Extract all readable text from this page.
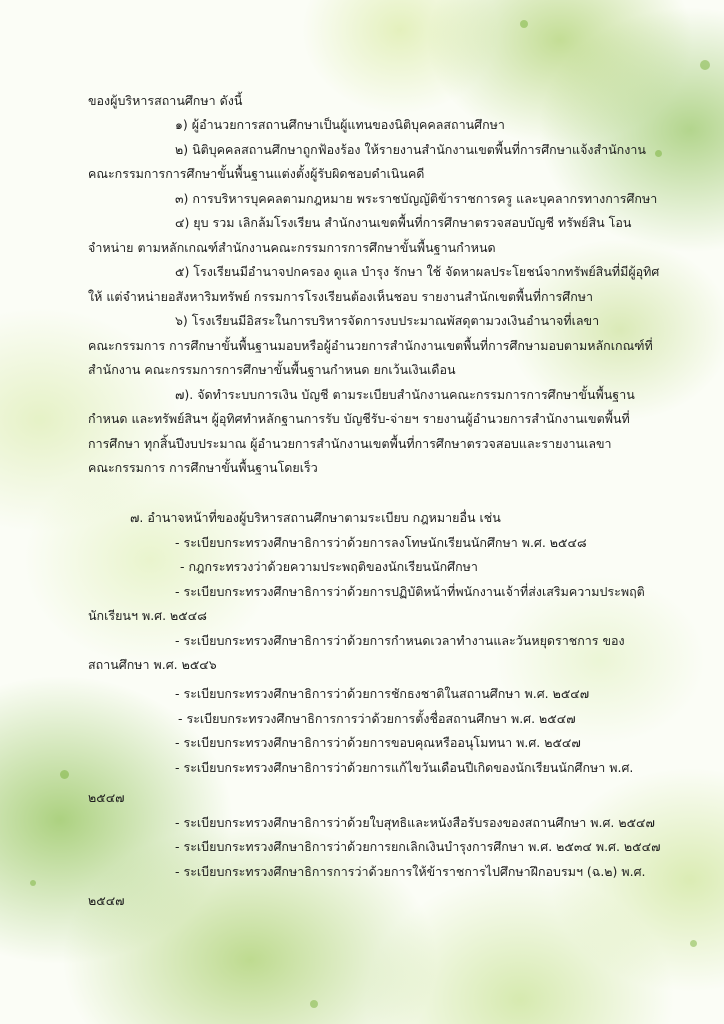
ของผู้บริหารสถานศึกษา ดังนี้

๑) ผู้อำนวยการสถานศึกษาเป็นผู้แทนของนิติบุคคลสถานศึกษา

๒) นิติบุคคลสถานศึกษาถูกฟ้องร้อง ให้รายงานสำนักงานเขตพื้นที่การศึกษาแจ้งสำนักงาน

คณะกรรมการการศึกษาขั้นพื้นฐานแต่งตั้งผู้รับผิดชอบดำเนินคดี

๓) การบริหารบุคคลตามกฎหมาย พระราชบัญญัติข้าราชการครู และบุคลากรทางการศึกษา

๔) ยุบ รวม เลิกล้มโรงเรียน สำนักงานเขตพื้นที่การศึกษาตรวจสอบบัญชี ทรัพย์สิน โอน

จำหน่าย ตามหลักเกณฑ์สำนักงานคณะกรรมการการศึกษาขั้นพื้นฐานกำหนด

๕) โรงเรียนมีอำนาจปกครอง ดูแล บำรุง รักษา ใช้ จัดหาผลประโยชน์จากทรัพย์สินที่มีผู้อุทิศ

ให้ แต่จำหน่ายอสังหาริมทรัพย์ กรรมการโรงเรียนต้องเห็นชอบ รายงานสำนักเขตพื้นที่การศึกษา

๖) โรงเรียนมีอิสระในการบริหารจัดการงบประมาณพัสดุตามวงเงินอำนาจที่เลขา

คณะกรรมการ การศึกษาขั้นพื้นฐานมอบหรือผู้อำนวยการสำนักงานเขตพื้นที่การศึกษามอบตามหลักเกณฑ์ที่

สำนักงาน คณะกรรมการการศึกษาขั้นพื้นฐานกำหนด ยกเว้นเงินเดือน

๗). จัดทำระบบการเงิน บัญชี ตามระเบียบสำนักงานคณะกรรมการการศึกษาขั้นพื้นฐาน

กำหนด และทรัพย์สินฯ ผู้อุทิศทำหลักฐานการรับ บัญชีรับ-จ่ายฯ รายงานผู้อำนวยการสำนักงานเขตพื้นที่

การศึกษา ทุกสิ้นปีงบประมาณ ผู้อำนวยการสำนักงานเขตพื้นที่การศึกษาตรวจสอบและรายงานเลขา

คณะกรรมการ การศึกษาขั้นพื้นฐานโดยเร็ว

๗. อำนาจหน้าที่ของผู้บริหารสถานศึกษาตามระเบียบ กฎหมายอื่น เช่น

- ระเบียบกระทรวงศึกษาธิการว่าด้วยการลงโทษนักเรียนนักศึกษา พ.ศ. ๒๕๔๘

- กฎกระทรวงว่าด้วยความประพฤติของนักเรียนนักศึกษา

- ระเบียบกระทรวงศึกษาธิการว่าด้วยการปฏิบัติหน้าที่พนักงานเจ้าที่ส่งเสริมความประพฤติ

นักเรียนฯ พ.ศ. ๒๕๔๘

- ระเบียบกระทรวงศึกษาธิการว่าด้วยการกำหนดเวลาทำงานและวันหยุดราชการ ของ

สถานศึกษา พ.ศ. ๒๕๔๖

- ระเบียบกระทรวงศึกษาธิการว่าด้วยการชักธงชาติในสถานศึกษา พ.ศ. ๒๕๔๗

- ระเบียบกระทรวงศึกษาธิการการว่าด้วยการตั้งชื่อสถานศึกษา พ.ศ. ๒๕๔๗

- ระเบียบกระทรวงศึกษาธิการว่าด้วยการขอบคุณหรืออนุโมทนา พ.ศ. ๒๕๔๗

- ระเบียบกระทรวงศึกษาธิการว่าด้วยการแก้ไขวันเดือนปีเกิดของนักเรียนนักศึกษา พ.ศ.

๒๕๔๗

- ระเบียบกระทรวงศึกษาธิการว่าด้วยใบสุทธิและหนังสือรับรองของสถานศึกษา พ.ศ. ๒๕๔๗

- ระเบียบกระทรวงศึกษาธิการว่าด้วยการยกเลิกเงินบำรุงการศึกษา พ.ศ. ๒๕๓๔ พ.ศ. ๒๕๔๗

- ระเบียบกระทรวงศึกษาธิการการว่าด้วยการให้ข้าราชการไปศึกษาฝึกอบรมฯ (ฉ.๒) พ.ศ.

๒๕๔๗
